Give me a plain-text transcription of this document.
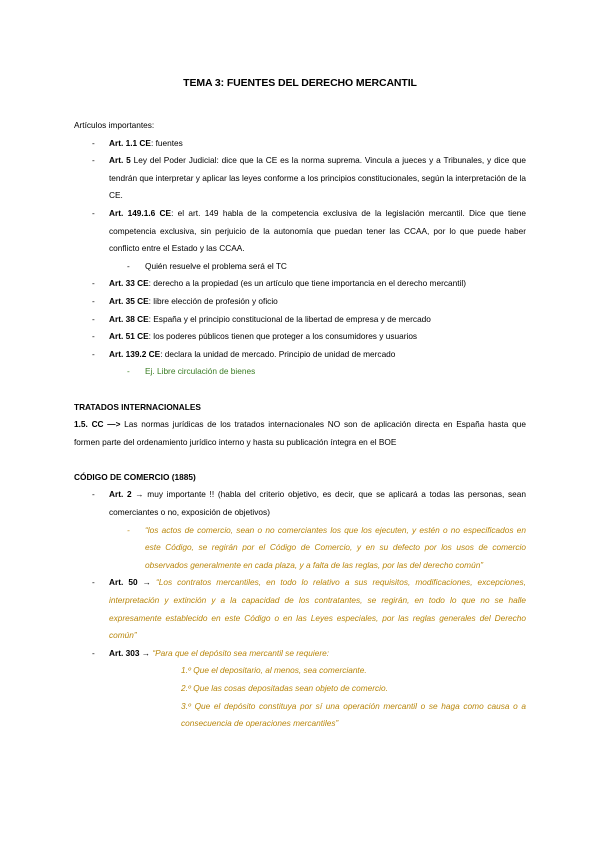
TEMA 3: FUENTES DEL DERECHO MERCANTIL
Artículos importantes:
- Art. 1.1 CE: fuentes
- Art. 5 Ley del Poder Judicial: dice que la CE es la norma suprema. Vincula a jueces y a Tribunales, y dice que tendrán que interpretar y aplicar las leyes conforme a los principios constitucionales, según la interpretación de la CE.
- Art. 149.1.6 CE: el art. 149 habla de la competencia exclusiva de la legislación mercantil. Dice que tiene competencia exclusiva, sin perjuicio de la autonomía que puedan tener las CCAA, por lo que puede haber conflicto entre el Estado y las CCAA.
- Quién resuelve el problema será el TC
- Art. 33 CE: derecho a la propiedad (es un artículo que tiene importancia en el derecho mercantil)
- Art. 35 CE: libre elección de profesión y oficio
- Art. 38 CE: España y el principio constitucional de la libertad de empresa y de mercado
- Art. 51 CE: los poderes públicos tienen que proteger a los consumidores y usuarios
- Art. 139.2 CE: declara la unidad de mercado. Principio de unidad de mercado
- Ej. Libre circulación de bienes
TRATADOS INTERNACIONALES
1.5. CC —> Las normas jurídicas de los tratados internacionales NO son de aplicación directa en España hasta que formen parte del ordenamiento jurídico interno y hasta su publicación íntegra en el BOE
CÓDIGO DE COMERCIO (1885)
- Art. 2 → muy importante !! (habla del criterio objetivo, es decir, que se aplicará a todas las personas, sean comerciantes o no, exposición de objetivos)
- “los actos de comercio, sean o no comerciantes los que los ejecuten, y estén o no especificados en este Código, se regirán por el Código de Comercio, y en su defecto por los usos de comercio observados generalmente en cada plaza, y a falta de las reglas, por las del derecho común”
- Art. 50 → “Los contratos mercantiles, en todo lo relativo a sus requisitos, modificaciones, excepciones, interpretación y extinción y a la capacidad de los contratantes, se regirán, en todo lo que no se halle expresamente establecido en este Código o en las Leyes especiales, por las reglas generales del Derecho común”
- Art. 303 → “Para que el depósito sea mercantil se requiere:
1.º Que el depositario, al menos, sea comerciante.
2.º Que las cosas depositadas sean objeto de comercio.
3.º Que el depósito constituya por sí una operación mercantil o se haga como causa o a consecuencia de operaciones mercantiles”
